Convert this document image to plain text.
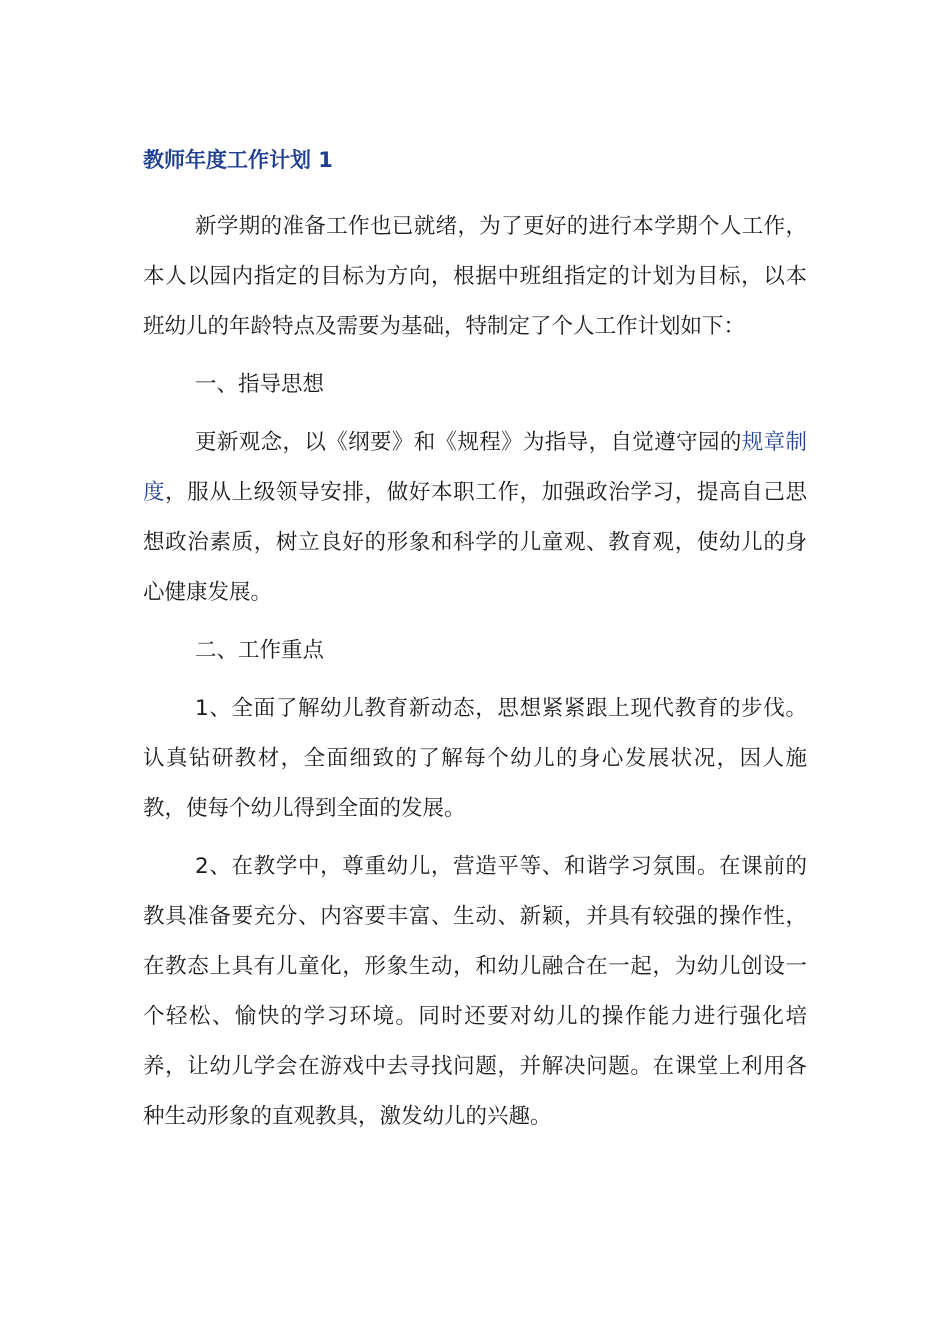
教师年度工作计划 1

新学期的准备工作也已就绪，为了更好的进行本学期个人工作，本人以园内指定的目标为方向，根据中班组指定的计划为目标，以本班幼儿的年龄特点及需要为基础，特制定了个人工作计划如下：

一、指导思想

更新观念，以《纲要》和《规程》为指导，自觉遵守园的规章制度，服从上级领导安排，做好本职工作，加强政治学习，提高自己思想政治素质，树立良好的形象和科学的儿童观、教育观，使幼儿的身心健康发展。

二、工作重点

1、全面了解幼儿教育新动态，思想紧紧跟上现代教育的步伐。认真钻研教材，全面细致的了解每个幼儿的身心发展状况，因人施教，使每个幼儿得到全面的发展。

2、在教学中，尊重幼儿，营造平等、和谐学习氛围。在课前的教具准备要充分、内容要丰富、生动、新颖，并具有较强的操作性，在教态上具有儿童化，形象生动，和幼儿融合在一起，为幼儿创设一个轻松、愉快的学习环境。同时还要对幼儿的操作能力进行强化培养，让幼儿学会在游戏中去寻找问题，并解决问题。在课堂上利用各种生动形象的直观教具，激发幼儿的兴趣。
